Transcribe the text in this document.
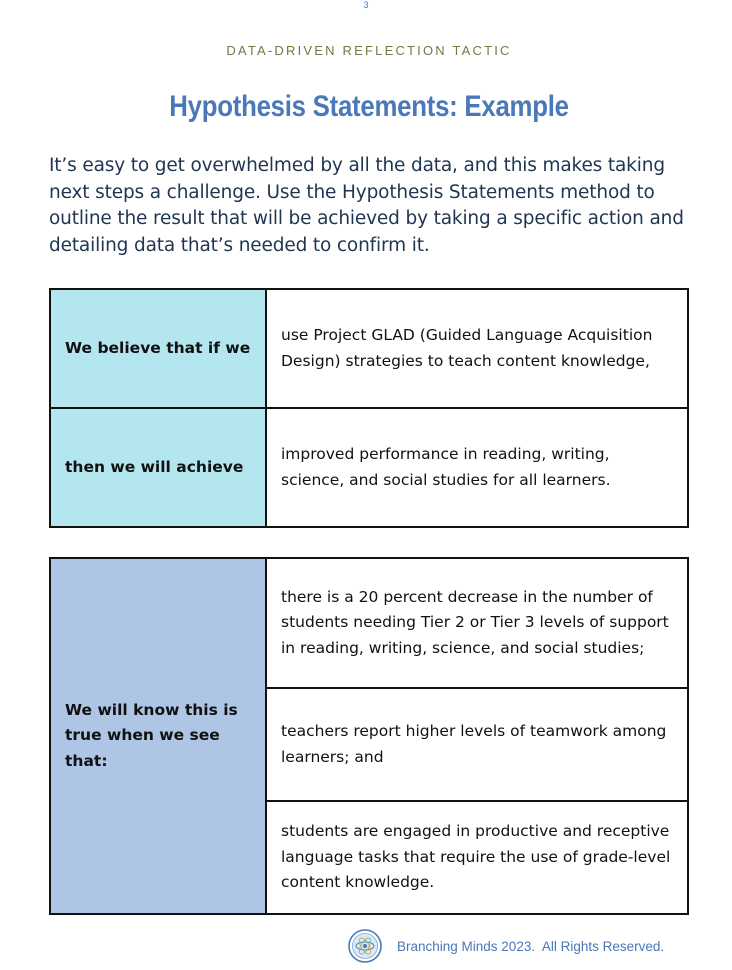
3
DATA-DRIVEN REFLECTION TACTIC
Hypothesis Statements: Example
It’s easy to get overwhelmed by all the data, and this makes taking next steps a challenge. Use the Hypothesis Statements method to outline the result that will be achieved by taking a specific action and detailing data that’s needed to confirm it.
We believe that if we	use Project GLAD (Guided Language Acquisition Design) strategies to teach content knowledge,
then we will achieve	improved performance in reading, writing, science, and social studies for all learners.
We will know this is true when we see that:	there is a 20 percent decrease in the number of students needing Tier 2 or Tier 3 levels of support in reading, writing, science, and social studies;
teachers report higher levels of teamwork among learners; and
students are engaged in productive and receptive language tasks that require the use of grade-level content knowledge.
Branching Minds 2023.  All Rights Reserved.
